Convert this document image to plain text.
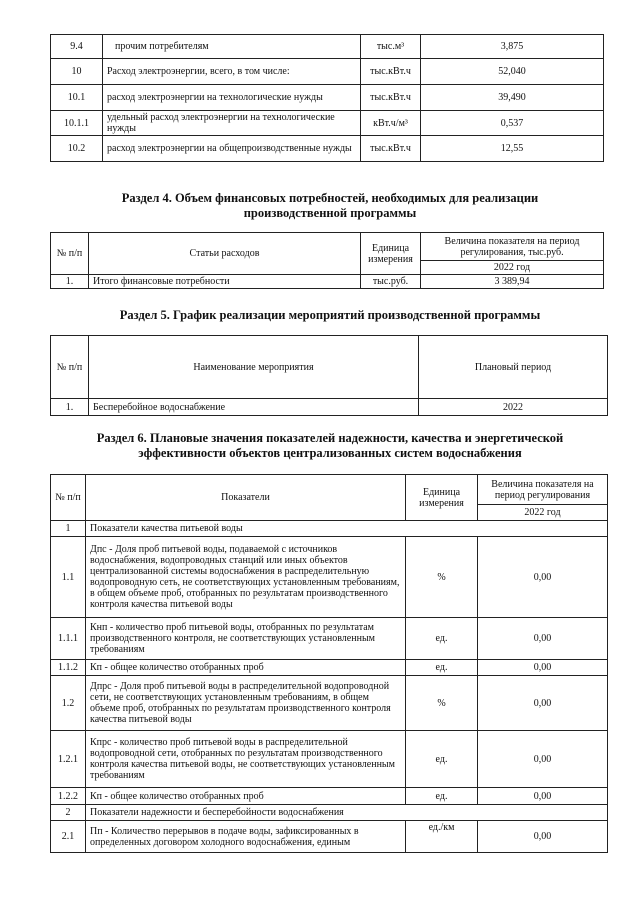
9.4	прочим потребителям	тыс.м³	3,875
10	Расход электроэнергии, всего, в том числе:	тыс.кВт.ч	52,040
10.1	расход электроэнергии на технологические нужды	тыс.кВт.ч	39,490
10.1.1	удельный расход электроэнергии на технологические нужды	кВт.ч/м³	0,537
10.2	расход электроэнергии на общепроизводственные нужды	тыс.кВт.ч	12,55
Раздел 4. Объем финансовых потребностей, необходимых для реализации производственной программы
№ п/п	Статьи расходов	Единица измерения	Величина показателя на период регулирования, тыс.руб.
			2022 год
1.	Итого финансовые потребности	тыс.руб.	3 389,94
Раздел 5. График реализации мероприятий производственной программы
№ п/п	Наименование мероприятия	Плановый период
1.	Бесперебойное водоснабжение	2022
Раздел 6. Плановые значения показателей надежности, качества и энергетической эффективности объектов централизованных систем водоснабжения
№ п/п	Показатели	Единица измерения	Величина показателя на период регулирования
			2022 год
1	Показатели качества питьевой воды		
1.1	Дпс - Доля проб питьевой воды, подаваемой с источников водоснабжения, водопроводных станций или иных объектов централизованной системы водоснабжения в распределительную водопроводную сеть, не соответствующих установленным требованиям, в общем объеме проб, отобранных по результатам производственного контроля качества питьевой воды	%	0,00
1.1.1	Кнп - количество проб питьевой воды, отобранных по результатам производственного контроля, не соответствующих установленным требованиям	ед.	0,00
1.1.2	Кп - общее количество отобранных проб	ед.	0,00
1.2	Дпрс - Доля проб питьевой воды в распределительной водопроводной сети, не соответствующих установленным требованиям, в общем объеме проб, отобранных по результатам производственного контроля качества питьевой воды	%	0,00
1.2.1	Кпрс - количество проб питьевой воды в распределительной водопроводной сети, отобранных по результатам производственного контроля качества питьевой воды, не соответствующих установленным требованиям	ед.	0,00
1.2.2	Кп - общее количество отобранных проб	ед.	0,00
2	Показатели надежности и бесперебойности водоснабжения		
2.1	Пп - Количество перерывов в подаче воды, зафиксированных в определенных договором холодного водоснабжения, единым	ед./км	0,00
